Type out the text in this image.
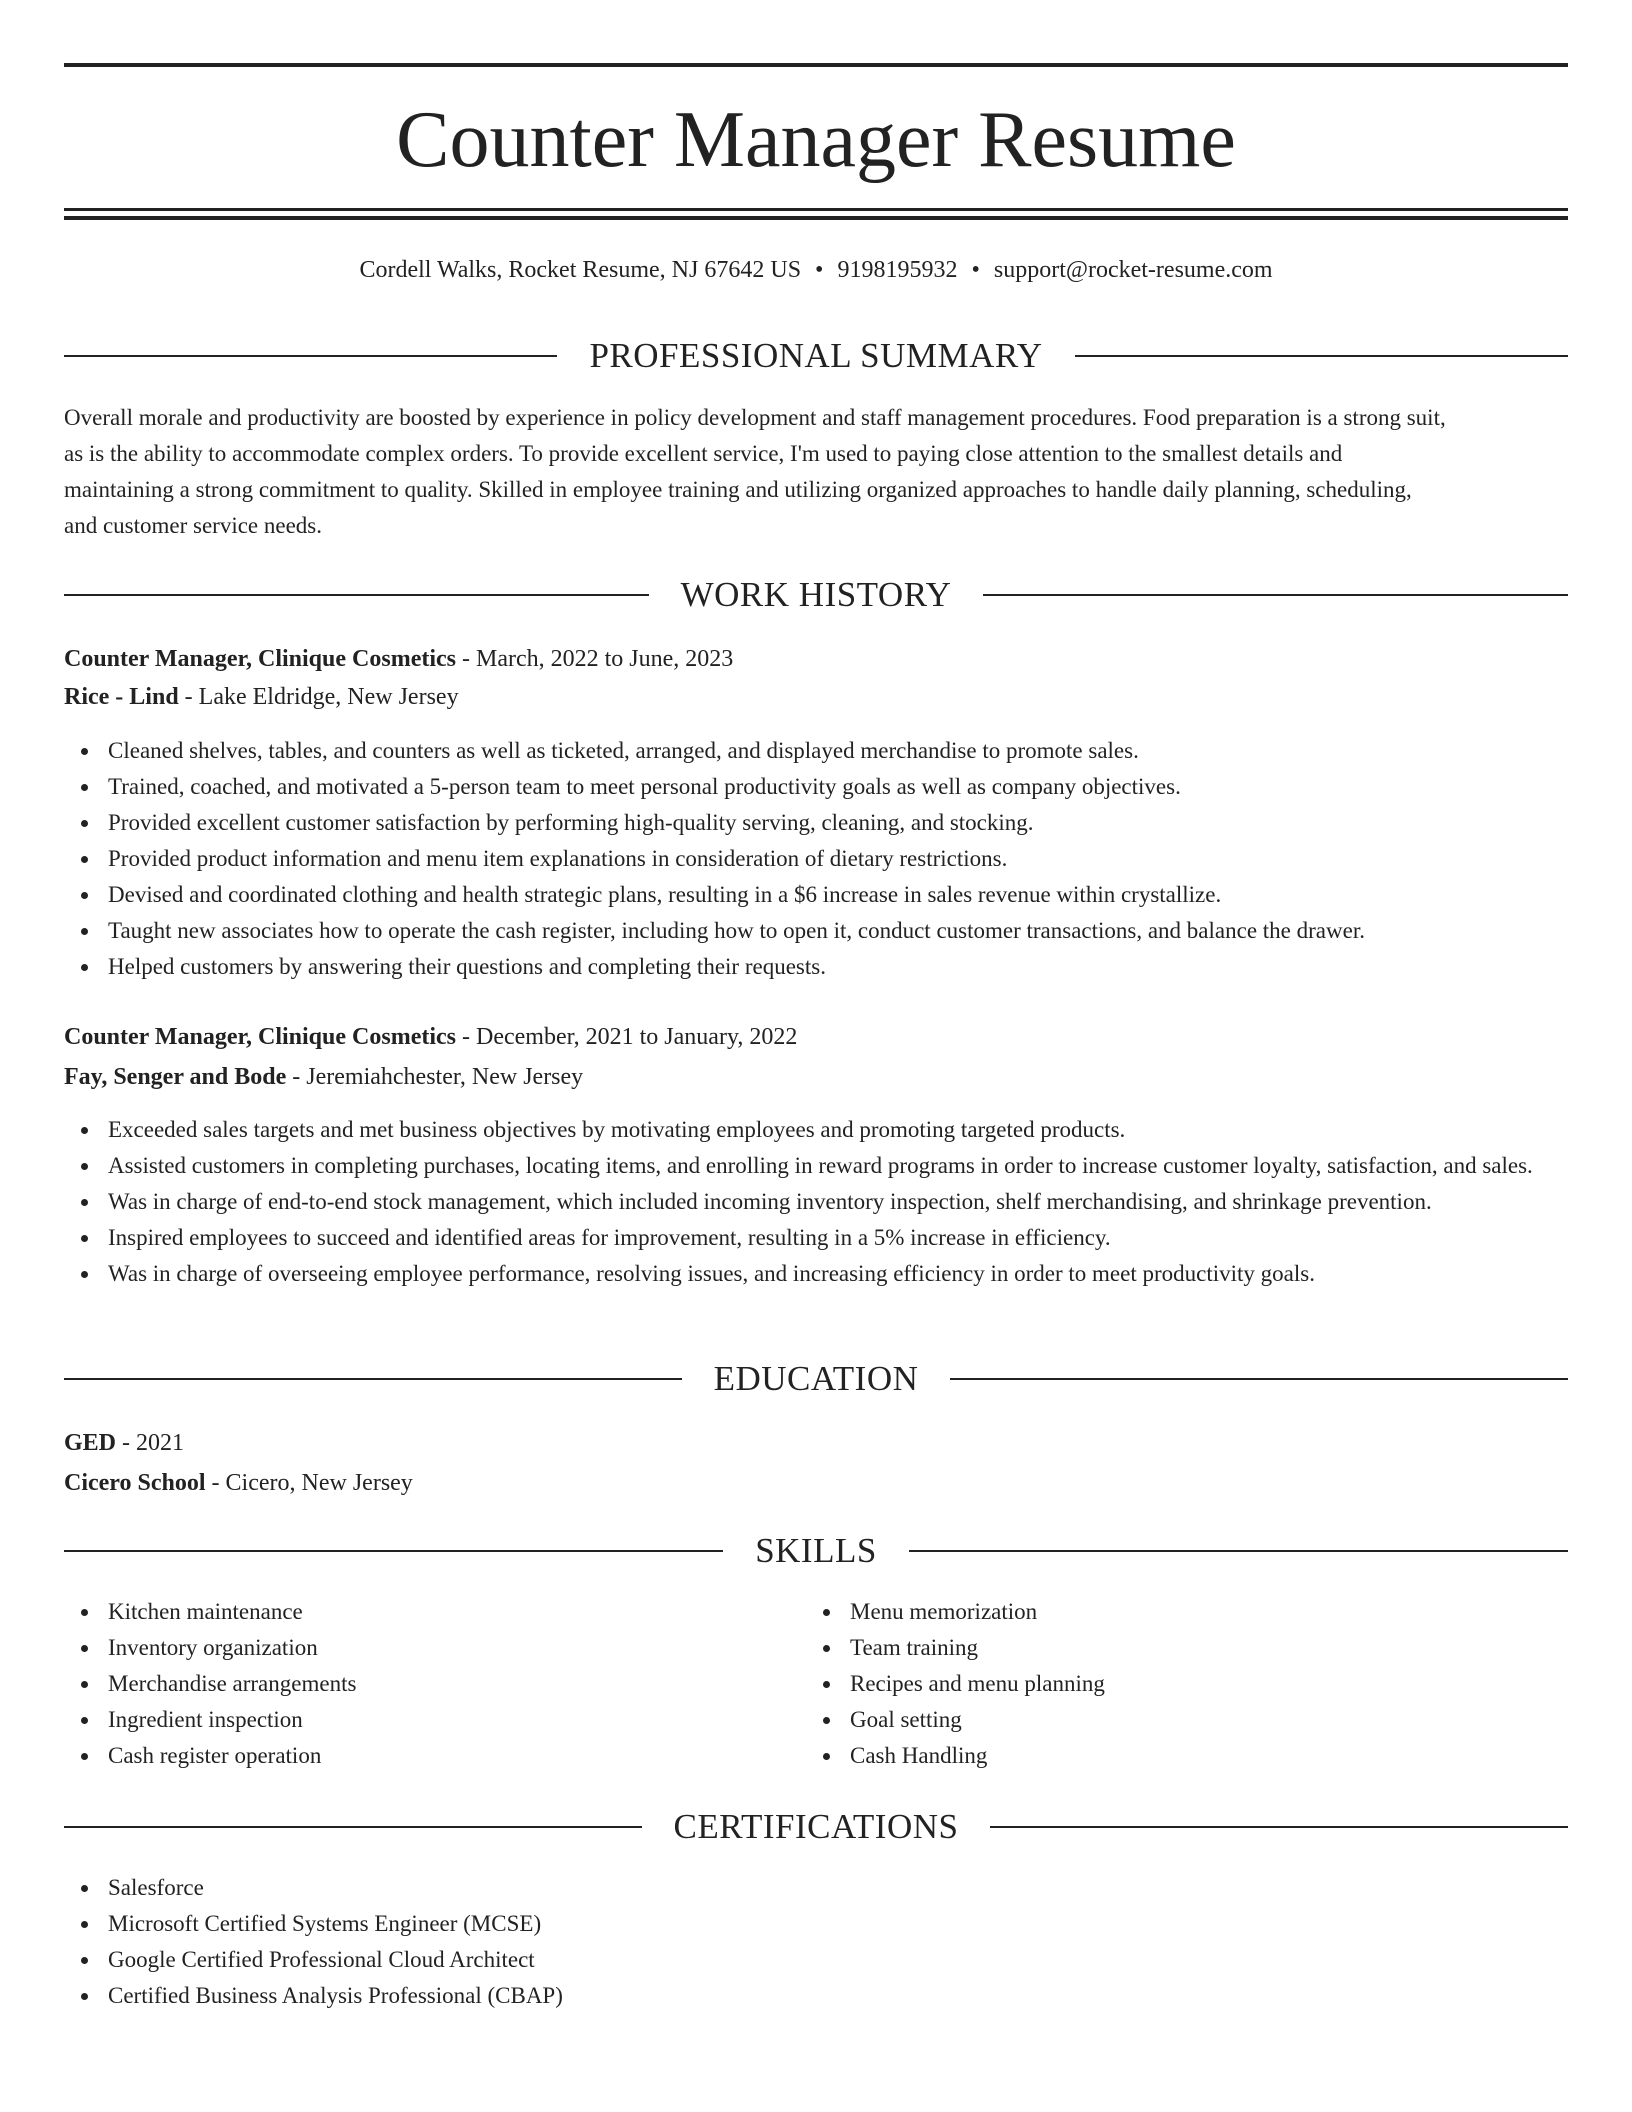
Counter Manager Resume
Cordell Walks, Rocket Resume, NJ 67642 US • 9198195932 • support@rocket-resume.com
PROFESSIONAL SUMMARY
Overall morale and productivity are boosted by experience in policy development and staff management procedures. Food preparation is a strong suit,
as is the ability to accommodate complex orders. To provide excellent service, I'm used to paying close attention to the smallest details and
maintaining a strong commitment to quality. Skilled in employee training and utilizing organized approaches to handle daily planning, scheduling,
and customer service needs.
WORK HISTORY
Counter Manager, Clinique Cosmetics - March, 2022 to June, 2023
Rice - Lind - Lake Eldridge, New Jersey
Cleaned shelves, tables, and counters as well as ticketed, arranged, and displayed merchandise to promote sales.
Trained, coached, and motivated a 5-person team to meet personal productivity goals as well as company objectives.
Provided excellent customer satisfaction by performing high-quality serving, cleaning, and stocking.
Provided product information and menu item explanations in consideration of dietary restrictions.
Devised and coordinated clothing and health strategic plans, resulting in a $6 increase in sales revenue within crystallize.
Taught new associates how to operate the cash register, including how to open it, conduct customer transactions, and balance the drawer.
Helped customers by answering their questions and completing their requests.
Counter Manager, Clinique Cosmetics - December, 2021 to January, 2022
Fay, Senger and Bode - Jeremiahchester, New Jersey
Exceeded sales targets and met business objectives by motivating employees and promoting targeted products.
Assisted customers in completing purchases, locating items, and enrolling in reward programs in order to increase customer loyalty, satisfaction, and sales.
Was in charge of end-to-end stock management, which included incoming inventory inspection, shelf merchandising, and shrinkage prevention.
Inspired employees to succeed and identified areas for improvement, resulting in a 5% increase in efficiency.
Was in charge of overseeing employee performance, resolving issues, and increasing efficiency in order to meet productivity goals.
EDUCATION
GED - 2021
Cicero School - Cicero, New Jersey
SKILLS
Kitchen maintenance
Inventory organization
Merchandise arrangements
Ingredient inspection
Cash register operation
Menu memorization
Team training
Recipes and menu planning
Goal setting
Cash Handling
CERTIFICATIONS
Salesforce
Microsoft Certified Systems Engineer (MCSE)
Google Certified Professional Cloud Architect
Certified Business Analysis Professional (CBAP)
